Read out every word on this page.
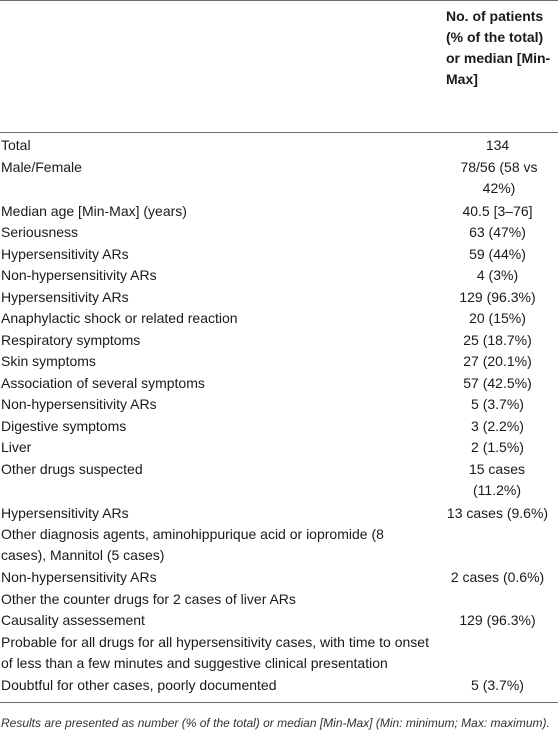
No. of patients (% of the total) or median [Min-Max]
Total	134
Male/Female	78/56 (58 vs 42%)
Median age [Min-Max] (years)	40.5 [3–76]
Seriousness	63 (47%)
Hypersensitivity ARs	59 (44%)
Non-hypersensitivity ARs	4 (3%)
Hypersensitivity ARs	129 (96.3%)
Anaphylactic shock or related reaction	20 (15%)
Respiratory symptoms	25 (18.7%)
Skin symptoms	27 (20.1%)
Association of several symptoms	57 (42.5%)
Non-hypersensitivity ARs	5 (3.7%)
Digestive symptoms	3 (2.2%)
Liver	2 (1.5%)
Other drugs suspected	15 cases (11.2%)
Hypersensitivity ARs	13 cases (9.6%)
Other diagnosis agents, aminohippurique acid or iopromide (8 cases), Mannitol (5 cases)
Non-hypersensitivity ARs	2 cases (0.6%)
Other the counter drugs for 2 cases of liver ARs
Causality assessement	129 (96.3%)
Probable for all drugs for all hypersensitivity cases, with time to onset of less than a few minutes and suggestive clinical presentation
Doubtful for other cases, poorly documented	5 (3.7%)
Results are presented as number (% of the total) or median [Min-Max] (Min: minimum; Max: maximum).
